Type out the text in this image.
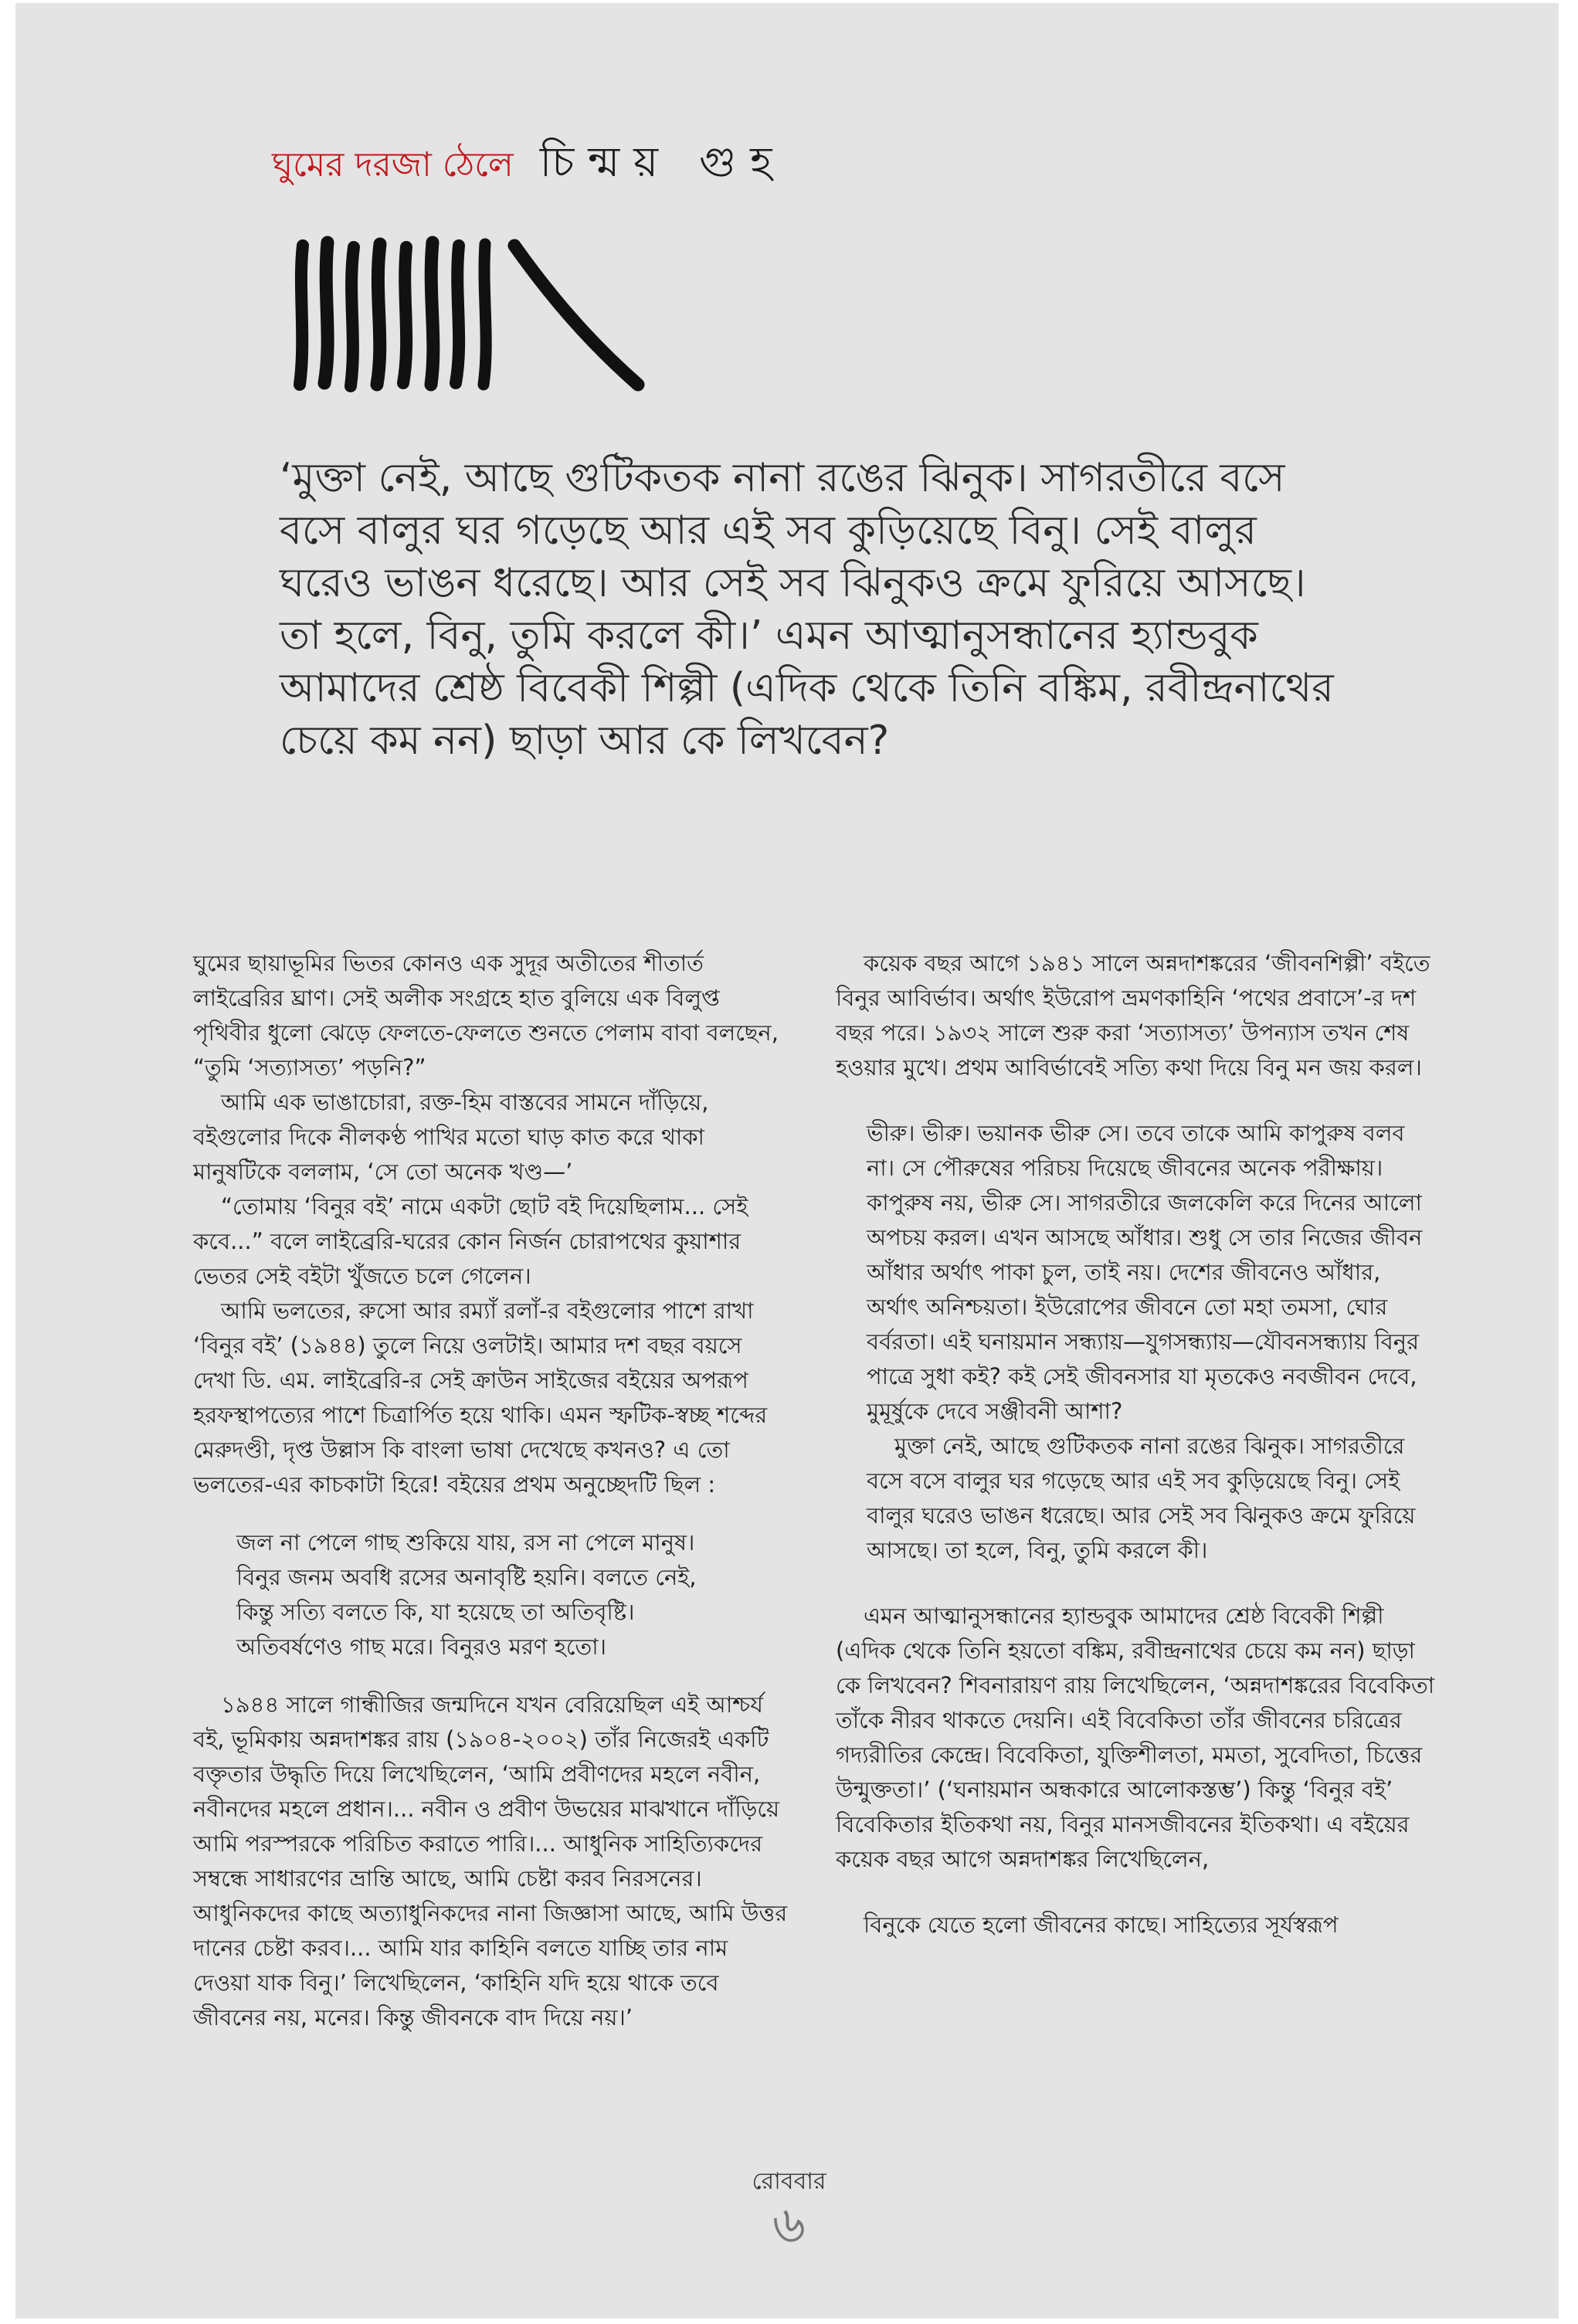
ঘুমের দরজা ঠেলে চিন্ময় গুহ

‘মুক্তা নেই, আছে গুটিকতক নানা রঙের ঝিনুক। সাগরতীরে বসে বসে বালুর ঘর গড়েছে আর এই সব কুড়িয়েছে বিনু। সেই বালুর ঘরেও ভাঙন ধরেছে। আর সেই সব ঝিনুকও ক্রমে ফুরিয়ে আসছে। তা হলে, বিনু, তুমি করলে কী।’ এমন আত্মানুসন্ধানের হ্যান্ডবুক আমাদের শ্রেষ্ঠ বিবেকী শিল্পী (এদিক থেকে তিনি বঙ্কিম, রবীন্দ্রনাথের চেয়ে কম নন) ছাড়া আর কে লিখবেন?

ঘুমের ছায়াভূমির ভিতর কোনও এক সুদূর অতীতের শীতার্ত লাইব্রেরির ঘ্রাণ। সেই অলীক সংগ্রহে হাত বুলিয়ে এক বিলুপ্ত পৃথিবীর ধুলো ঝেড়ে ফেলতে-ফেলতে শুনতে পেলাম বাবা বলছেন, “তুমি ‘সত্যাসত্য’ পড়নি?”

আমি এক ভাঙাচোরা, রক্ত-হিম বাস্তবের সামনে দাঁড়িয়ে, বইগুলোর দিকে নীলকণ্ঠ পাখির মতো ঘাড় কাত করে থাকা মানুষটিকে বললাম, ‘সে তো অনেক খণ্ড—’

“তোমায় ‘বিনুর বই’ নামে একটা ছোট বই দিয়েছিলাম... সেই কবে...” বলে লাইব্রেরি-ঘরের কোন নির্জন চোরাপথের কুয়াশার ভেতর সেই বইটা খুঁজতে চলে গেলেন।

আমি ভলতের, রুসো আর রম্যাঁ রলাঁ-র বইগুলোর পাশে রাখা ‘বিনুর বই’ (১৯৪৪) তুলে নিয়ে ওলটাই। আমার দশ বছর বয়সে দেখা ডি. এম. লাইব্রেরি-র সেই ক্রাউন সাইজের বইয়ের অপরূপ হরফস্থাপত্যের পাশে চিত্রার্পিত হয়ে থাকি। এমন স্ফটিক-স্বচ্ছ শব্দের মেরুদণ্ডী, দৃপ্ত উল্লাস কি বাংলা ভাষা দেখেছে কখনও? এ তো ভলতের-এর কাচকাটা হিরে! বইয়ের প্রথম অনুচ্ছেদটি ছিল :

জল না পেলে গাছ শুকিয়ে যায়, রস না পেলে মানুষ।
বিনুর জনম অবধি রসের অনাবৃষ্টি হয়নি। বলতে নেই,
কিন্তু সত্যি বলতে কি, যা হয়েছে তা অতিবৃষ্টি।
অতিবর্ষণেও গাছ মরে। বিনুরও মরণ হতো।

১৯৪৪ সালে গান্ধীজির জন্মদিনে যখন বেরিয়েছিল এই আশ্চর্য বই, ভূমিকায় অন্নদাশঙ্কর রায় (১৯০৪-২০০২) তাঁর নিজেরই একটি বক্তৃতার উদ্ধৃতি দিয়ে লিখেছিলেন, ‘আমি প্রবীণদের মহলে নবীন, নবীনদের মহলে প্রধান।... নবীন ও প্রবীণ উভয়ের মাঝখানে দাঁড়িয়ে আমি পরস্পরকে পরিচিত করাতে পারি।... আধুনিক সাহিত্যিকদের সম্বন্ধে সাধারণের ভ্রান্তি আছে, আমি চেষ্টা করব নিরসনের। আধুনিকদের কাছে অত্যাধুনিকদের নানা জিজ্ঞাসা আছে, আমি উত্তর দানের চেষ্টা করব।... আমি যার কাহিনি বলতে যাচ্ছি তার নাম দেওয়া যাক বিনু।’ লিখেছিলেন, ‘কাহিনি যদি হয়ে থাকে তবে জীবনের নয়, মনের। কিন্তু জীবনকে বাদ দিয়ে নয়।’

কয়েক বছর আগে ১৯৪১ সালে অন্নদাশঙ্করের ‘জীবনশিল্পী’ বইতে বিনুর আবির্ভাব। অর্থাৎ ইউরোপ ভ্রমণকাহিনি ‘পথের প্রবাসে’-র দশ বছর পরে। ১৯৩২ সালে শুরু করা ‘সত্যাসত্য’ উপন্যাস তখন শেষ হওয়ার মুখে। প্রথম আবির্ভাবেই সত্যি কথা দিয়ে বিনু মন জয় করল।

ভীরু। ভীরু। ভয়ানক ভীরু সে। তবে তাকে আমি কাপুরুষ বলব না। সে পৌরুষের পরিচয় দিয়েছে জীবনের অনেক পরীক্ষায়। কাপুরুষ নয়, ভীরু সে। সাগরতীরে জলকেলি করে দিনের আলো অপচয় করল। এখন আসছে আঁধার। শুধু সে তার নিজের জীবন আঁধার অর্থাৎ পাকা চুল, তাই নয়। দেশের জীবনেও আঁধার, অর্থাৎ অনিশ্চয়তা। ইউরোপের জীবনে তো মহা তমসা, ঘোর বর্বরতা। এই ঘনায়মান সন্ধ্যায়—যুগসন্ধ্যায়—যৌবনসন্ধ্যায় বিনুর পাত্রে সুধা কই? কই সেই জীবনসার যা মৃতকেও নবজীবন দেবে, মুমূর্ষুকে দেবে সঞ্জীবনী আশা?

মুক্তা নেই, আছে গুটিকতক নানা রঙের ঝিনুক। সাগরতীরে বসে বসে বালুর ঘর গড়েছে আর এই সব কুড়িয়েছে বিনু। সেই বালুর ঘরেও ভাঙন ধরেছে। আর সেই সব ঝিনুকও ক্রমে ফুরিয়ে আসছে। তা হলে, বিনু, তুমি করলে কী।

এমন আত্মানুসন্ধানের হ্যান্ডবুক আমাদের শ্রেষ্ঠ বিবেকী শিল্পী (এদিক থেকে তিনি হয়তো বঙ্কিম, রবীন্দ্রনাথের চেয়ে কম নন) ছাড়া কে লিখবেন? শিবনারায়ণ রায় লিখেছিলেন, ‘অন্নদাশঙ্করের বিবেকিতা তাঁকে নীরব থাকতে দেয়নি। এই বিবেকিতা তাঁর জীবনের চরিত্রের গদ্যরীতির কেন্দ্রে। বিবেকিতা, যুক্তিশীলতা, মমতা, সুবেদিতা, চিত্তের উন্মুক্ততা।’ (‘ঘনায়মান অন্ধকারে আলোকস্তম্ভ’) কিন্তু ‘বিনুর বই’ বিবেকিতার ইতিকথা নয়, বিনুর মানসজীবনের ইতিকথা। এ বইয়ের কয়েক বছর আগে অন্নদাশঙ্কর লিখেছিলেন,

বিনুকে যেতে হলো জীবনের কাছে। সাহিত্যের সূর্যস্বরূপ

রোববার
৬
